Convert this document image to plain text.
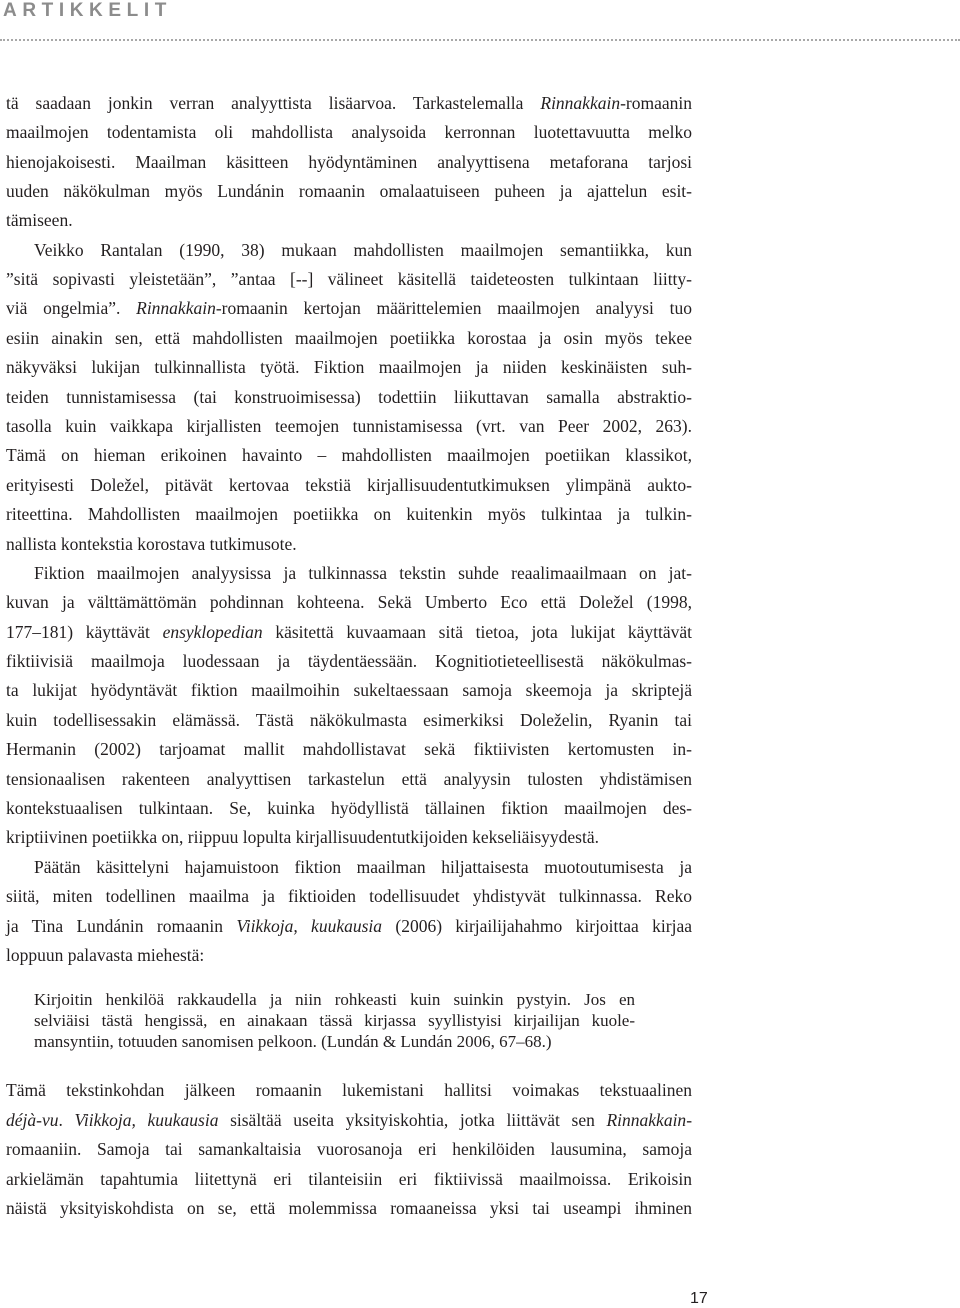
ARTIKKELIT
tä saadaan jonkin verran analyyttista lisäarvoa. Tarkastelemalla Rinnakkain-romaanin
maailmojen todentamista oli mahdollista analysoida kerronnan luotettavuutta melko
hienojakoisesti. Maailman käsitteen hyödyntäminen analyyttisena metaforana tarjosi
uuden näkökulman myös Lundánin romaanin omalaatuiseen puheen ja ajattelun esit-
tämiseen.
Veikko Rantalan (1990, 38) mukaan mahdollisten maailmojen semantiikka, kun
”sitä sopivasti yleistetään”, ”antaa [--] välineet käsitellä taideteosten tulkintaan liitty-
viä ongelmia”. Rinnakkain-romaanin kertojan määrittelemien maailmojen analyysi tuo
esiin ainakin sen, että mahdollisten maailmojen poetiikka korostaa ja osin myös tekee
näkyväksi lukijan tulkinnallista työtä. Fiktion maailmojen ja niiden keskinäisten suh-
teiden tunnistamisessa (tai konstruoimisessa) todettiin liikuttavan samalla abstraktio-
tasolla kuin vaikkapa kirjallisten teemojen tunnistamisessa (vrt. van Peer 2002, 263).
Tämä on hieman erikoinen havainto – mahdollisten maailmojen poetiikan klassikot,
erityisesti Doležel, pitävät kertovaa tekstiä kirjallisuudentutkimuksen ylimpänä aukto-
riteettina. Mahdollisten maailmojen poetiikka on kuitenkin myös tulkintaa ja tulkin-
nallista kontekstia korostava tutkimusote.
Fiktion maailmojen analyysissa ja tulkinnassa tekstin suhde reaalimaailmaan on jat-
kuvan ja välttämättömän pohdinnan kohteena. Sekä Umberto Eco että Doležel (1998,
177–181) käyttävät ensyklopedian käsitettä kuvaamaan sitä tietoa, jota lukijat käyttävät
fiktiivisiä maailmoja luodessaan ja täydentäessään. Kognitiotieteellisestä näkökulmas-
ta lukijat hyödyntävät fiktion maailmoihin sukeltaessaan samoja skeemoja ja skriptejä
kuin todellisessakin elämässä. Tästä näkökulmasta esimerkiksi Doleželin, Ryanin tai
Hermanin (2002) tarjoamat mallit mahdollistavat sekä fiktiivisten kertomusten in-
tensionaalisen rakenteen analyyttisen tarkastelun että analyysin tulosten yhdistämisen
kontekstuaalisen tulkintaan. Se, kuinka hyödyllistä tällainen fiktion maailmojen des-
kriptiivinen poetiikka on, riippuu lopulta kirjallisuudentutkijoiden kekseliäisyydestä.
Päätän käsittelyni hajamuistoon fiktion maailman hiljattaisesta muotoutumisesta ja
siitä, miten todellinen maailma ja fiktioiden todellisuudet yhdistyvät tulkinnassa. Reko
ja Tina Lundánin romaanin Viikkoja, kuukausia (2006) kirjailijahahmo kirjoittaa kirjaa
loppuun palavasta miehestä:
Kirjoitin henkilöä rakkaudella ja niin rohkeasti kuin suinkin pystyin. Jos en
selviäisi tästä hengissä, en ainakaan tässä kirjassa syyllistyisi kirjailijan kuole-
mansyntiin, totuuden sanomisen pelkoon. (Lundán & Lundán 2006, 67–68.)
Tämä tekstinkohdan jälkeen romaanin lukemistani hallitsi voimakas tekstuaalinen
déjà-vu. Viikkoja, kuukausia sisältää useita yksityiskohtia, jotka liittävät sen Rinnakkain-
romaaniin. Samoja tai samankaltaisia vuorosanoja eri henkilöiden lausumina, samoja
arkielämän tapahtumia liitettynä eri tilanteisiin eri fiktiivissä maailmoissa. Erikoisin
näistä yksityiskohdista on se, että molemmissa romaaneissa yksi tai useampi ihminen
17
